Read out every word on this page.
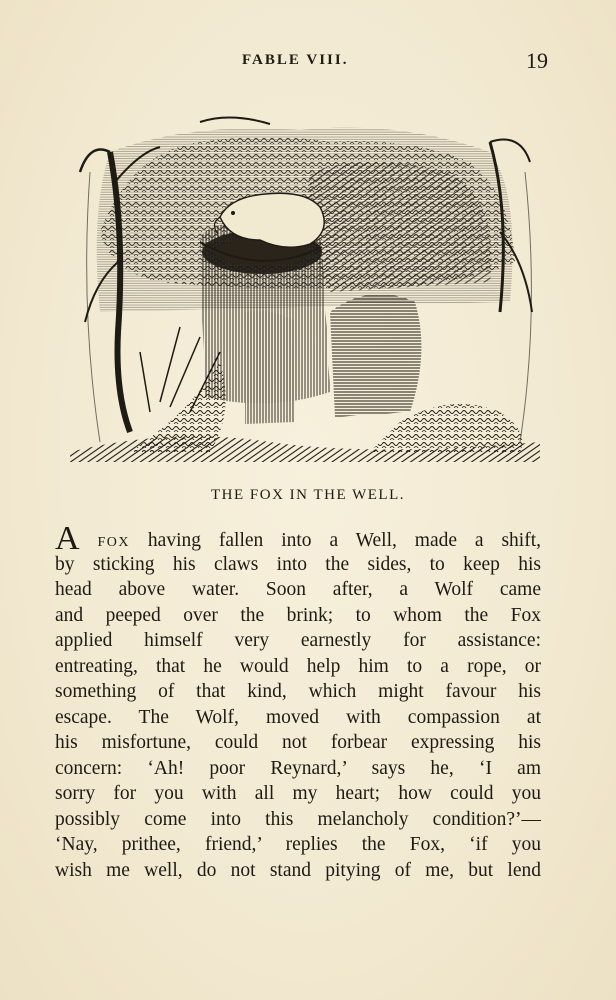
FABLE VIII.	19
THE FOX IN THE WELL.
A FOX having fallen into a Well, made a shift,
by sticking his claws into the sides, to keep his
head above water. Soon after, a Wolf came
and peeped over the brink; to whom the Fox
applied himself very earnestly for assistance:
entreating, that he would help him to a rope, or
something of that kind, which might favour his
escape. The Wolf, moved with compassion at
his misfortune, could not forbear expressing his
concern: ‘Ah! poor Reynard,’ says he, ‘I am
sorry for you with all my heart; how could you
possibly come into this melancholy condition?’—
‘Nay, prithee, friend,’ replies the Fox, ‘if you
wish me well, do not stand pitying of me, but lend
